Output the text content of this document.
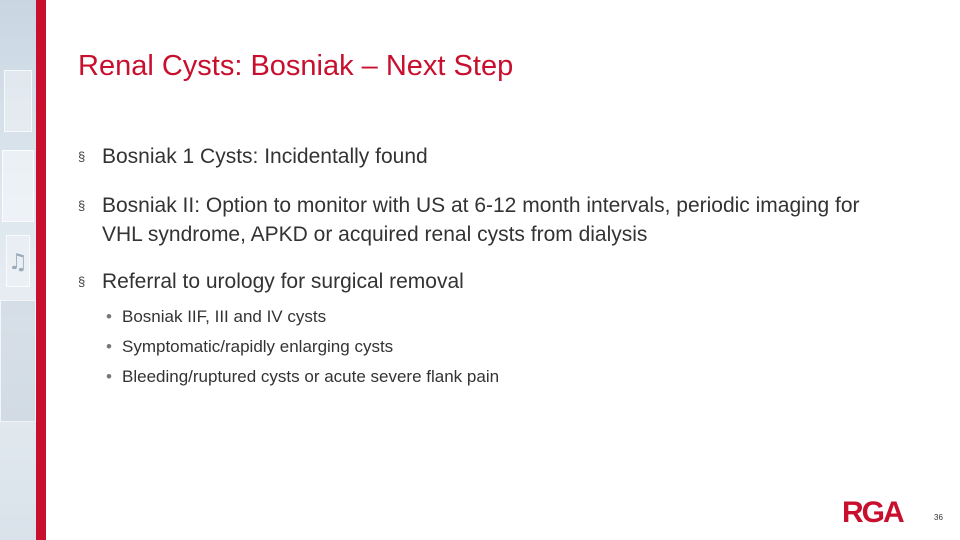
♫
Renal Cysts: Bosniak – Next Step
§ Bosniak 1 Cysts: Incidentally found
§ Bosniak II: Option to monitor with US at 6-12 month intervals, periodic imaging for VHL syndrome, APKD or acquired renal cysts from dialysis
§ Referral to urology for surgical removal
• Bosniak IIF, III and IV cysts
• Symptomatic/rapidly enlarging cysts
• Bleeding/ruptured cysts or acute severe flank pain
RGA	36
